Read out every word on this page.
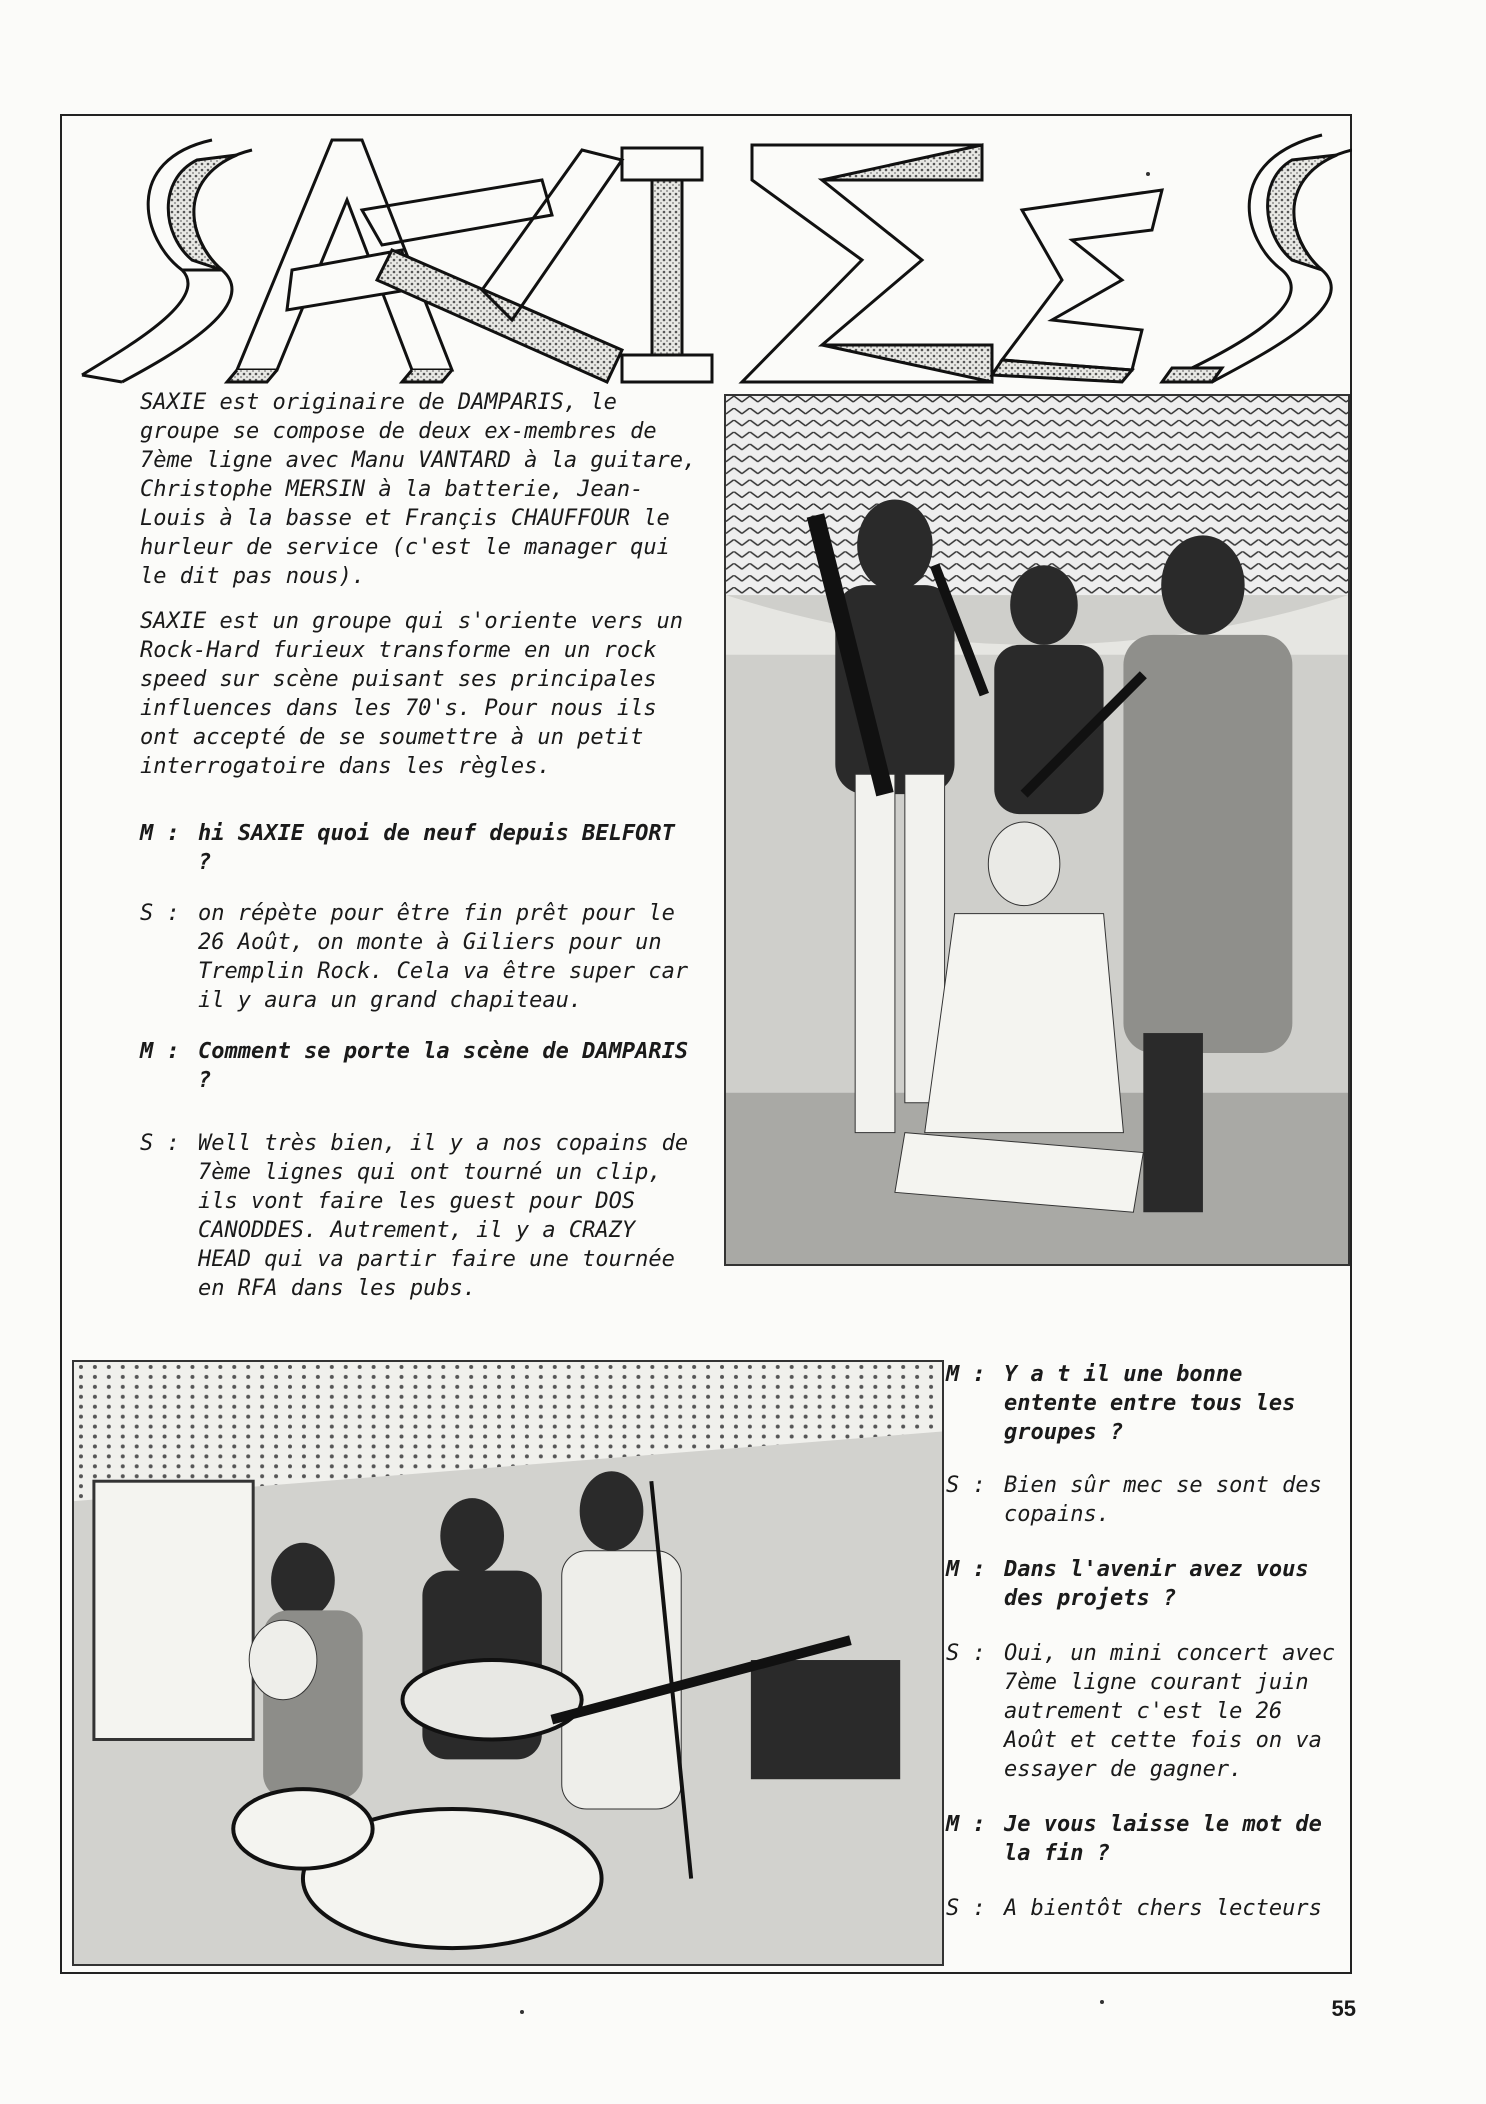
SAXIE est originaire de DAMPARIS, le groupe se compose de deux ex-membres de 7ème ligne avec Manu VANTARD à la guitare, Christophe MERSIN à la batterie, Jean-Louis à la basse et Françis CHAUFFOUR le hurleur de service (c'est le manager qui le dit pas nous).

SAXIE est un groupe qui s'oriente vers un Rock-Hard furieux transforme en un rock speed sur scène puisant ses principales influences dans les 70's. Pour nous ils ont accepté de se soumettre à un petit interrogatoire dans les règles.

M : hi SAXIE quoi de neuf depuis BELFORT ?
S : on répète pour être fin prêt pour le 26 Août, on monte à Giliers pour un Tremplin Rock. Cela va être super car il y aura un grand chapiteau.
M : Comment se porte la scène de DAMPARIS ?
S : Well très bien, il y a nos copains de 7ème lignes qui ont tourné un clip, ils vont faire les guest pour DOS CANODDES. Autrement, il y a CRAZY HEAD qui va partir faire une tournée en RFA dans les pubs.
M : Y a t il une bonne entente entre tous les groupes ?
S : Bien sûr mec se sont des copains.
M : Dans l'avenir avez vous des projets ?
S : Oui, un mini concert avec 7ème ligne courant juin autrement c'est le 26 Août et cette fois on va essayer de gagner.
M : Je vous laisse le mot de la fin ?
S : A bientôt chers lecteurs
55
